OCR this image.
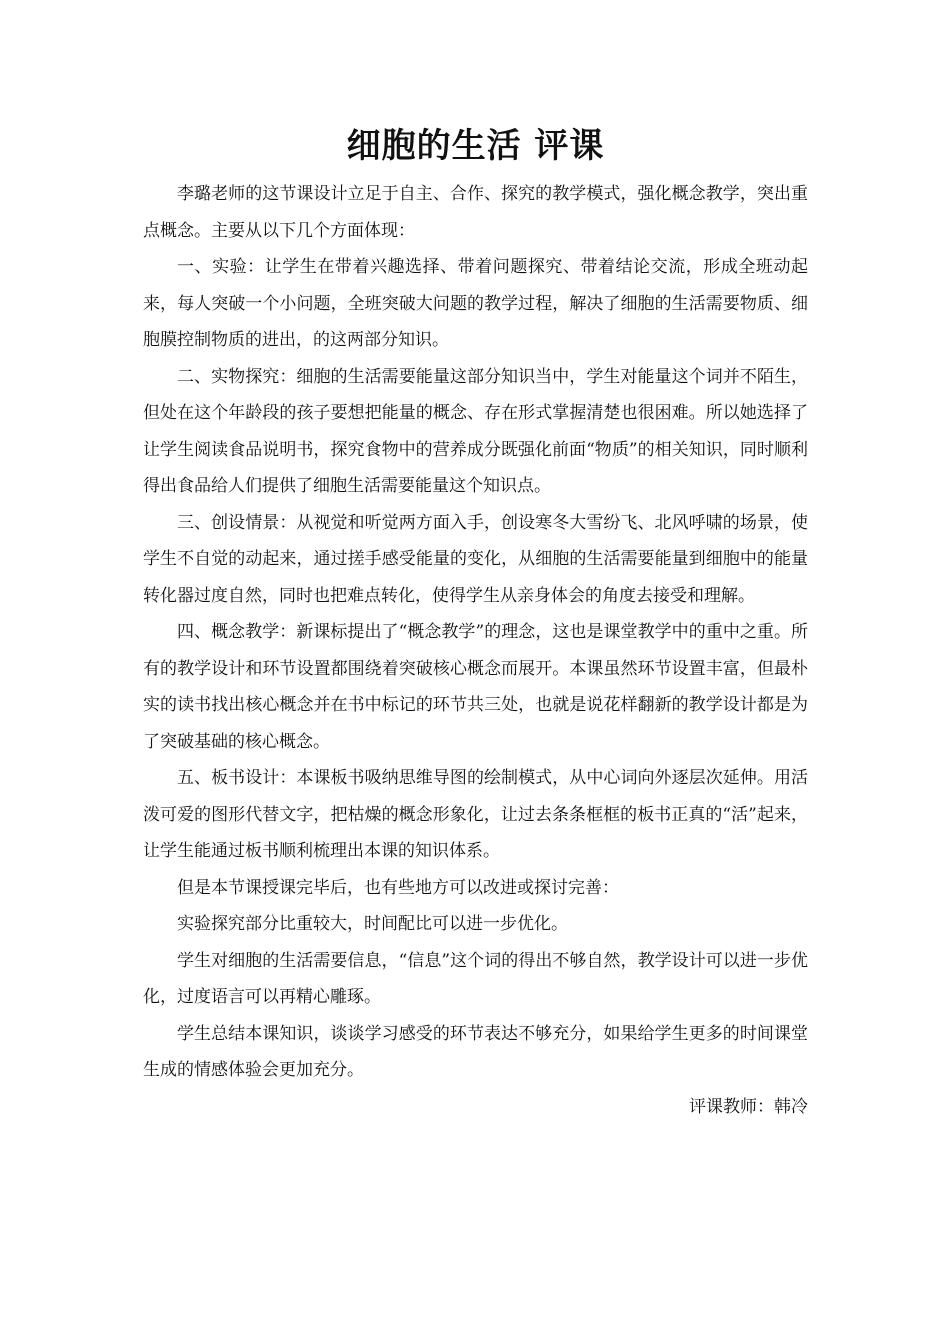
细胞的生活 评课

李璐老师的这节课设计立足于自主、合作、探究的教学模式，强化概念教学，突出重点概念。主要从以下几个方面体现：

一、实验：让学生在带着兴趣选择、带着问题探究、带着结论交流，形成全班动起来，每人突破一个小问题，全班突破大问题的教学过程，解决了细胞的生活需要物质、细胞膜控制物质的进出，的这两部分知识。

二、实物探究：细胞的生活需要能量这部分知识当中，学生对能量这个词并不陌生，但处在这个年龄段的孩子要想把能量的概念、存在形式掌握清楚也很困难。所以她选择了让学生阅读食品说明书，探究食物中的营养成分既强化前面“物质”的相关知识，同时顺利得出食品给人们提供了细胞生活需要能量这个知识点。

三、创设情景：从视觉和听觉两方面入手，创设寒冬大雪纷飞、北风呼啸的场景，使学生不自觉的动起来，通过搓手感受能量的变化，从细胞的生活需要能量到细胞中的能量转化器过度自然，同时也把难点转化，使得学生从亲身体会的角度去接受和理解。

四、概念教学：新课标提出了“概念教学”的理念，这也是课堂教学中的重中之重。所有的教学设计和环节设置都围绕着突破核心概念而展开。本课虽然环节设置丰富，但最朴实的读书找出核心概念并在书中标记的环节共三处，也就是说花样翻新的教学设计都是为了突破基础的核心概念。

五、板书设计：本课板书吸纳思维导图的绘制模式，从中心词向外逐层次延伸。用活泼可爱的图形代替文字，把枯燥的概念形象化，让过去条条框框的板书正真的“活”起来，让学生能通过板书顺利梳理出本课的知识体系。

但是本节课授课完毕后，也有些地方可以改进或探讨完善：

实验探究部分比重较大，时间配比可以进一步优化。

学生对细胞的生活需要信息，“信息”这个词的得出不够自然，教学设计可以进一步优化，过度语言可以再精心雕琢。

学生总结本课知识，谈谈学习感受的环节表达不够充分，如果给学生更多的时间课堂生成的情感体验会更加充分。

评课教师：韩冷
